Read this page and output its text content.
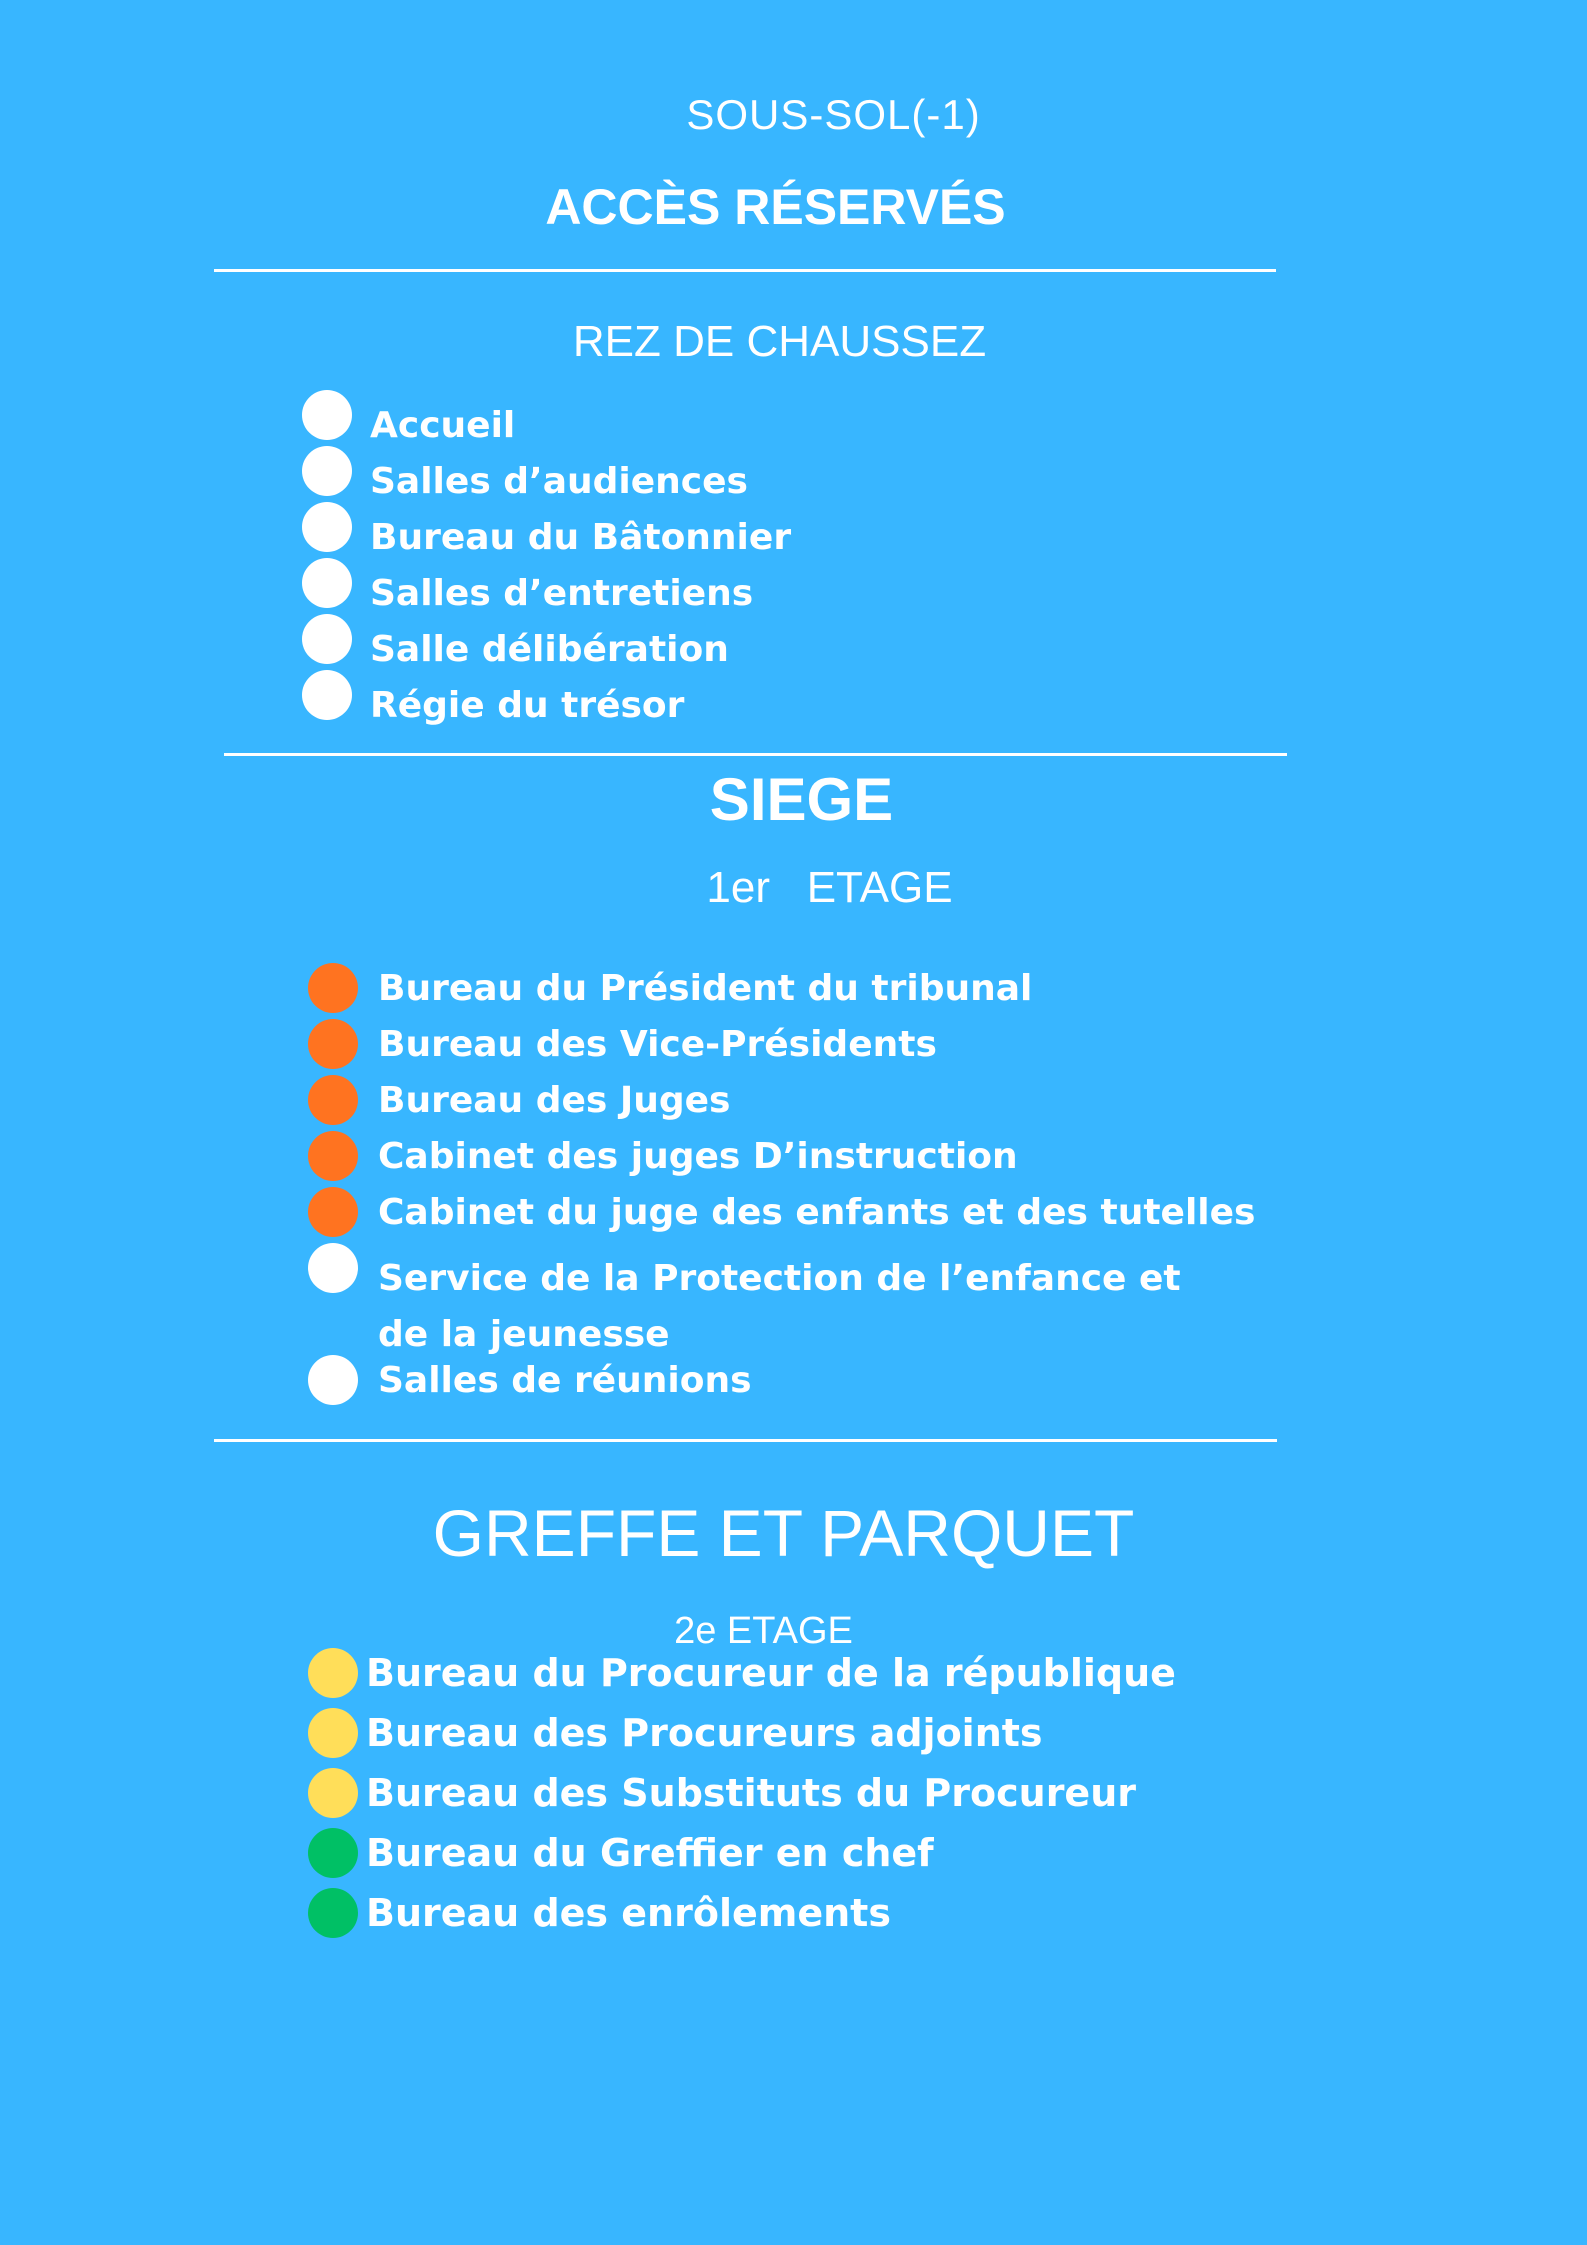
SOUS-SOL(-1)
ACCÈS RÉSERVÉS
REZ DE CHAUSSEZ
Accueil
Salles d’audiences
Bureau du Bâtonnier
Salles d’entretiens
Salle délibération
Régie du trésor
SIEGE
1er   ETAGE
Bureau du Président du tribunal
Bureau des Vice-Présidents
Bureau des Juges
Cabinet des juges D’instruction
Cabinet du juge des enfants et des tutelles
Service de la Protection de l’enfance et de la jeunesse
Salles de réunions
GREFFE ET PARQUET
2e ETAGE
Bureau du Procureur de la république
Bureau des Procureurs adjoints
Bureau des Substituts du Procureur
Bureau du Greffier en chef
Bureau des enrôlements
